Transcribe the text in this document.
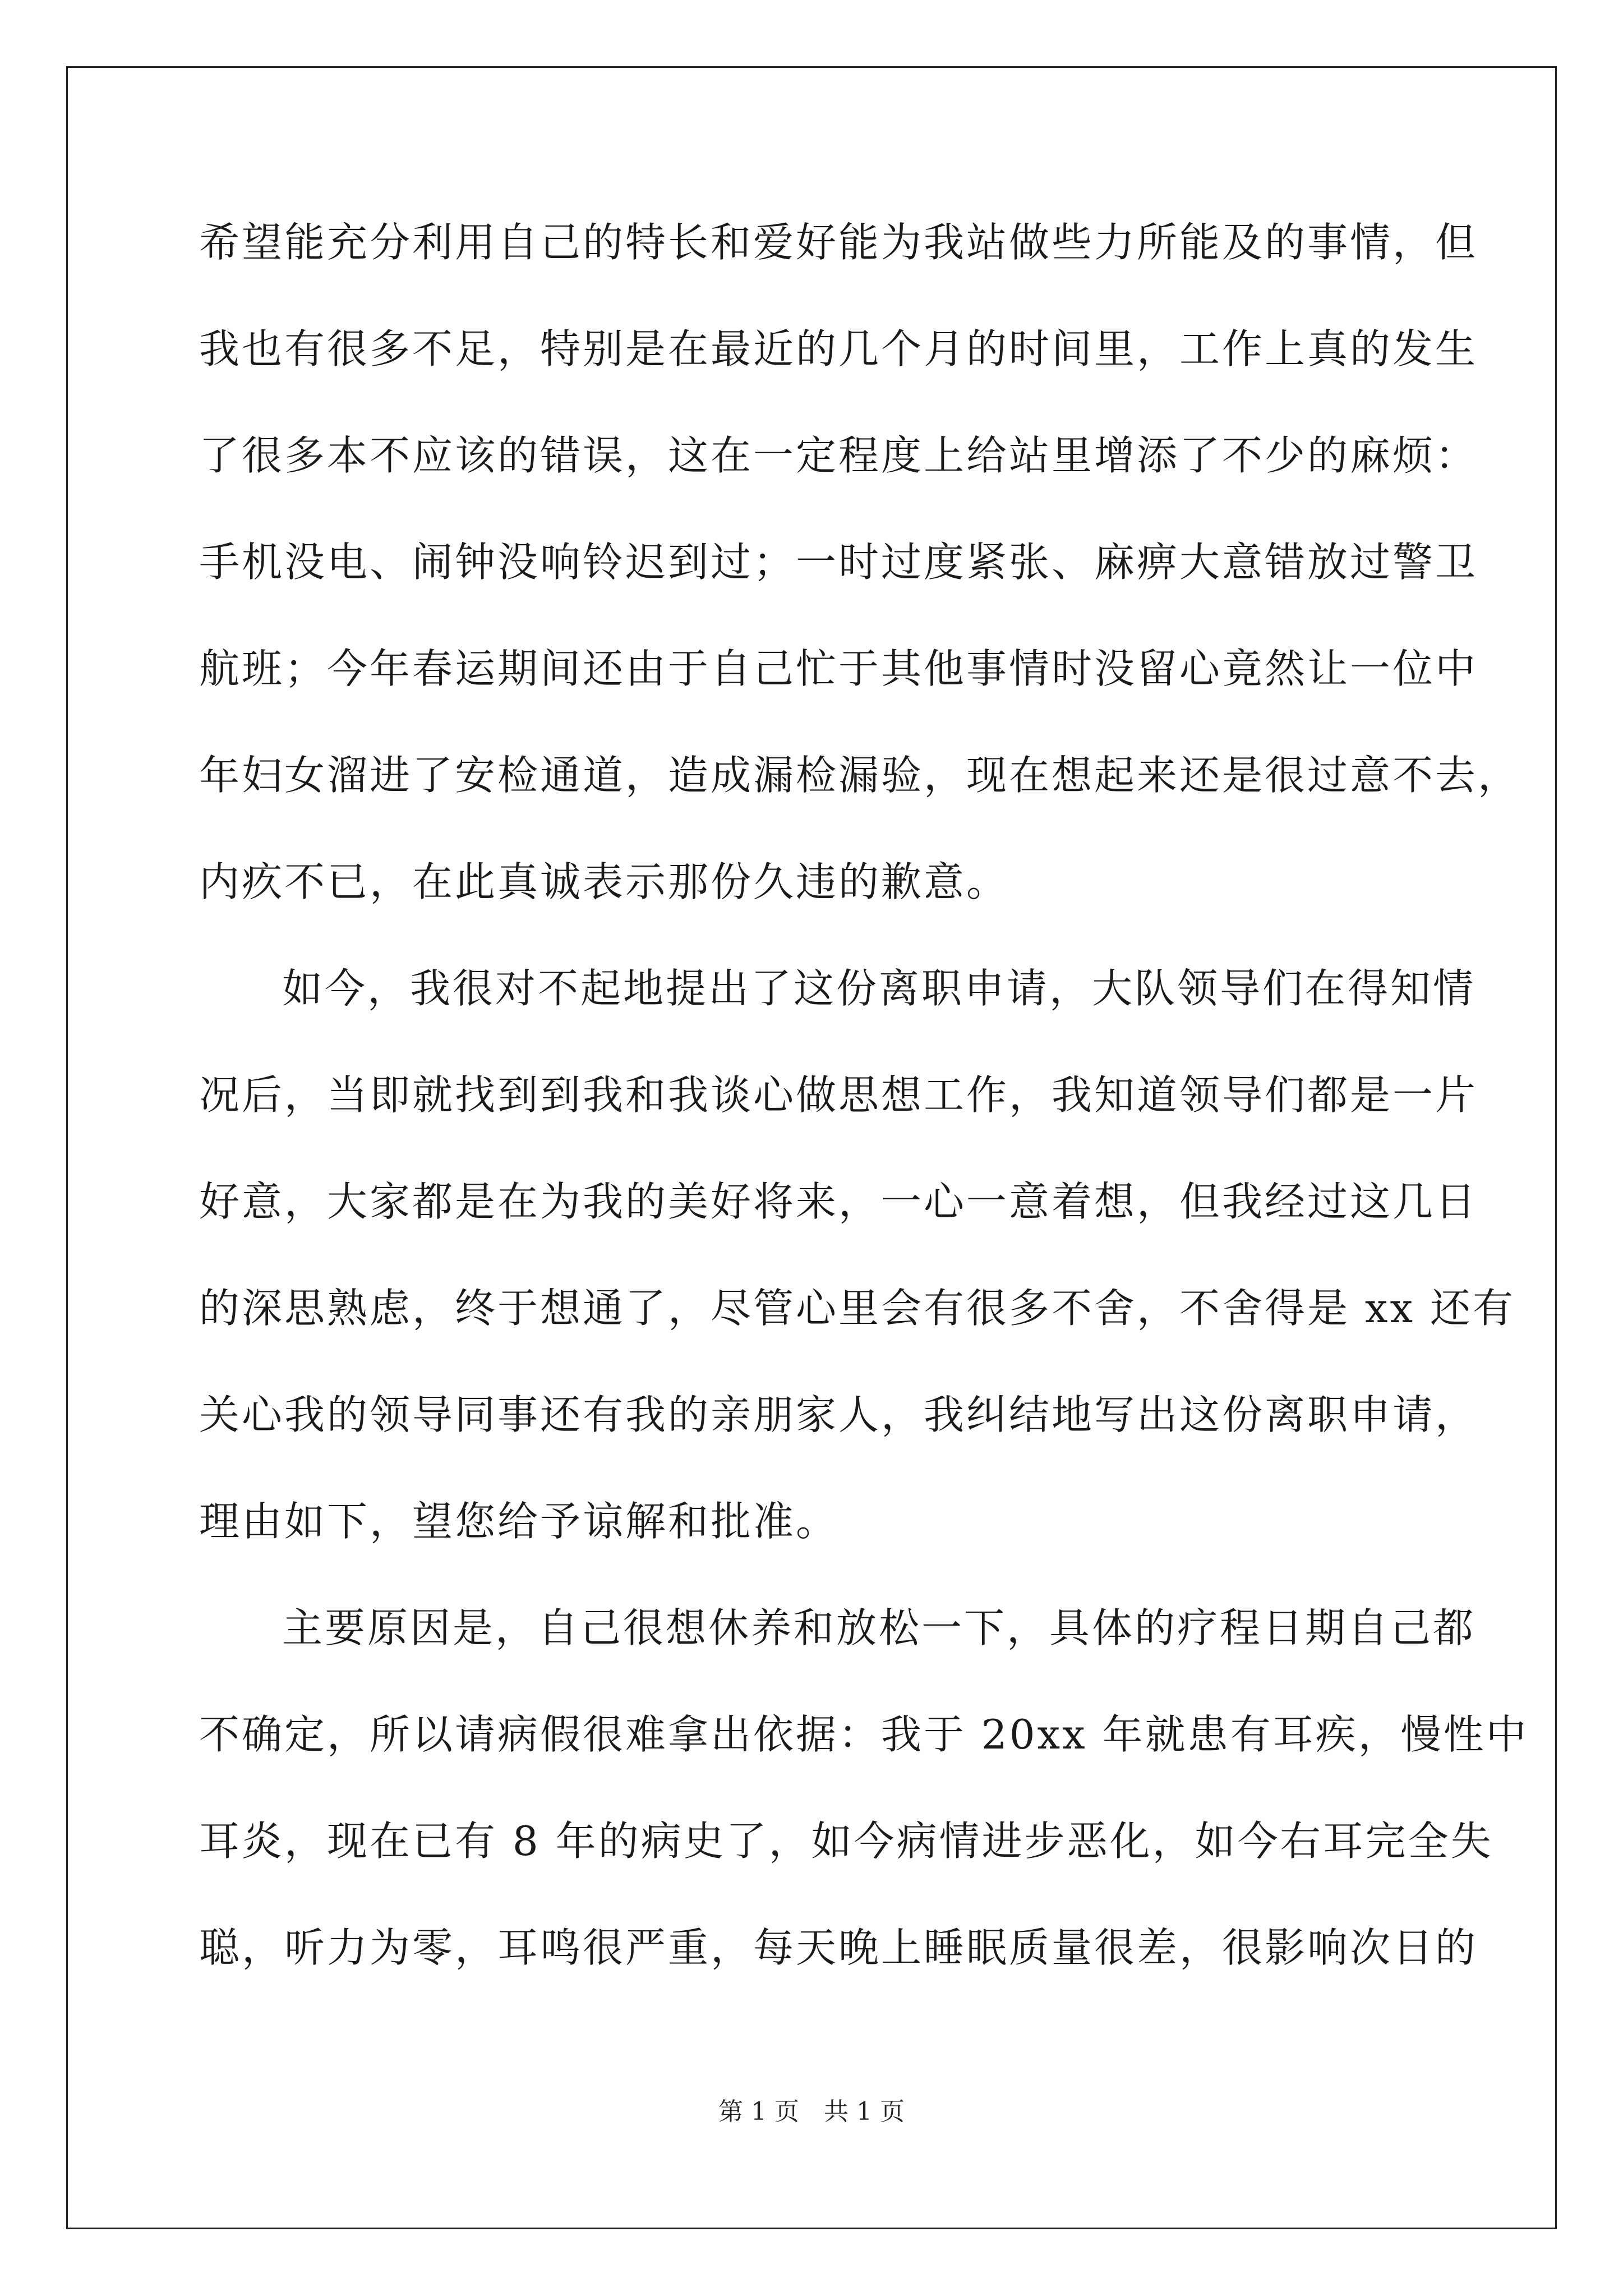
希望能充分利用自己的特长和爱好能为我站做些力所能及的事情，但
我也有很多不足，特别是在最近的几个月的时间里，工作上真的发生
了很多本不应该的错误，这在一定程度上给站里增添了不少的麻烦：
手机没电、闹钟没响铃迟到过；一时过度紧张、麻痹大意错放过警卫
航班；今年春运期间还由于自己忙于其他事情时没留心竟然让一位中
年妇女溜进了安检通道，造成漏检漏验，现在想起来还是很过意不去，
内疚不已，在此真诚表示那份久违的歉意。
如今，我很对不起地提出了这份离职申请，大队领导们在得知情
况后，当即就找到到我和我谈心做思想工作，我知道领导们都是一片
好意，大家都是在为我的美好将来，一心一意着想，但我经过这几日
的深思熟虑，终于想通了，尽管心里会有很多不舍，不舍得是 xx 还有
关心我的领导同事还有我的亲朋家人，我纠结地写出这份离职申请，
理由如下，望您给予谅解和批准。
主要原因是，自己很想休养和放松一下，具体的疗程日期自己都
不确定，所以请病假很难拿出依据：我于 20xx 年就患有耳疾，慢性中
耳炎，现在已有 8 年的病史了，如今病情进步恶化，如今右耳完全失
聪，听力为零，耳鸣很严重，每天晚上睡眠质量很差，很影响次日的
第 1 页　共 1 页
